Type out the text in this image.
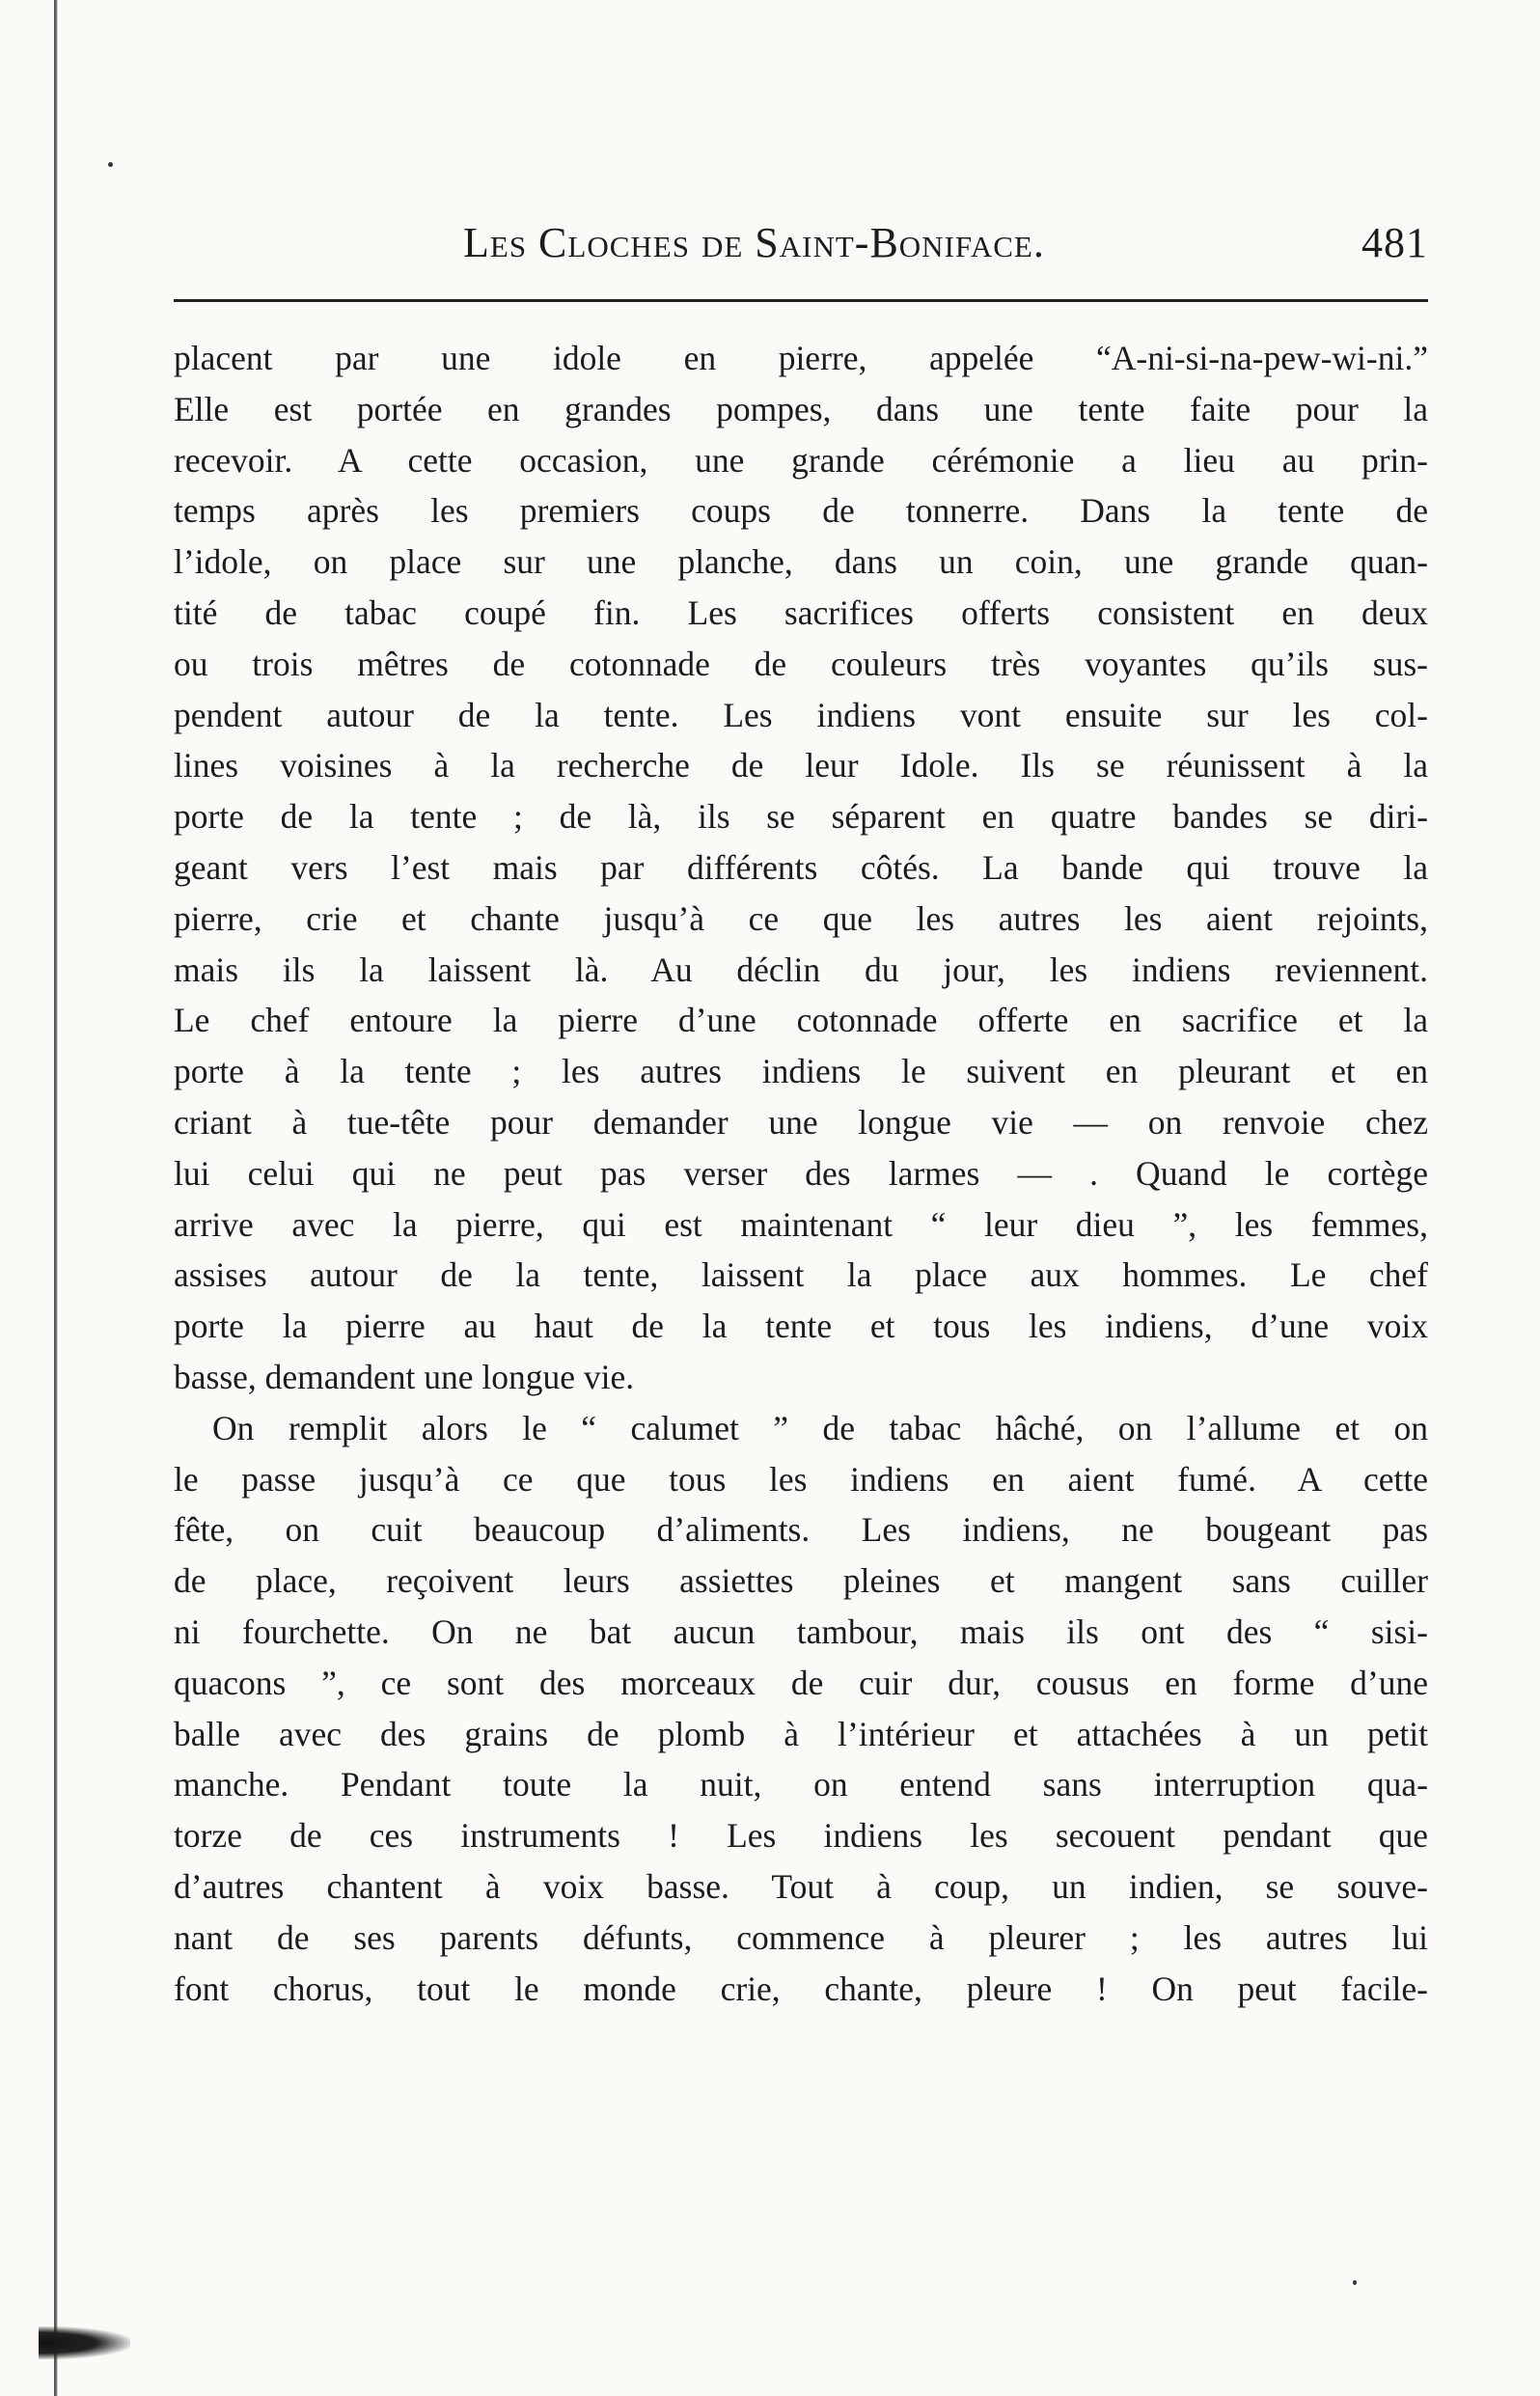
Les Cloches de Saint-Boniface.	481
placent par une idole en pierre, appelée “A-ni-si-na-pew-wi-ni.”
Elle est portée en grandes pompes, dans une tente faite pour la
recevoir. A cette occasion, une grande cérémonie a lieu au prin-
temps après les premiers coups de tonnerre. Dans la tente de
l’idole, on place sur une planche, dans un coin, une grande quan-
tité de tabac coupé fin. Les sacrifices offerts consistent en deux
ou trois mêtres de cotonnade de couleurs très voyantes qu’ils sus-
pendent autour de la tente. Les indiens vont ensuite sur les col-
lines voisines à la recherche de leur Idole. Ils se réunissent à la
porte de la tente ; de là, ils se séparent en quatre bandes se diri-
geant vers l’est mais par différents côtés. La bande qui trouve la
pierre, crie et chante jusqu’à ce que les autres les aient rejoints,
mais ils la laissent là. Au déclin du jour, les indiens reviennent.
Le chef entoure la pierre d’une cotonnade offerte en sacrifice et la
porte à la tente ; les autres indiens le suivent en pleurant et en
criant à tue-tête pour demander une longue vie — on renvoie chez
lui celui qui ne peut pas verser des larmes — . Quand le cortège
arrive avec la pierre, qui est maintenant “ leur dieu ”, les femmes,
assises autour de la tente, laissent la place aux hommes. Le chef
porte la pierre au haut de la tente et tous les indiens, d’une voix
basse, demandent une longue vie.
On remplit alors le “ calumet ” de tabac hâché, on l’allume et on
le passe jusqu’à ce que tous les indiens en aient fumé. A cette
fête, on cuit beaucoup d’aliments. Les indiens, ne bougeant pas
de place, reçoivent leurs assiettes pleines et mangent sans cuiller
ni fourchette. On ne bat aucun tambour, mais ils ont des “ sisi-
quacons ”, ce sont des morceaux de cuir dur, cousus en forme d’une
balle avec des grains de plomb à l’intérieur et attachées à un petit
manche. Pendant toute la nuit, on entend sans interruption qua-
torze de ces instruments ! Les indiens les secouent pendant que
d’autres chantent à voix basse. Tout à coup, un indien, se souve-
nant de ses parents défunts, commence à pleurer ; les autres lui
font chorus, tout le monde crie, chante, pleure ! On peut facile-
